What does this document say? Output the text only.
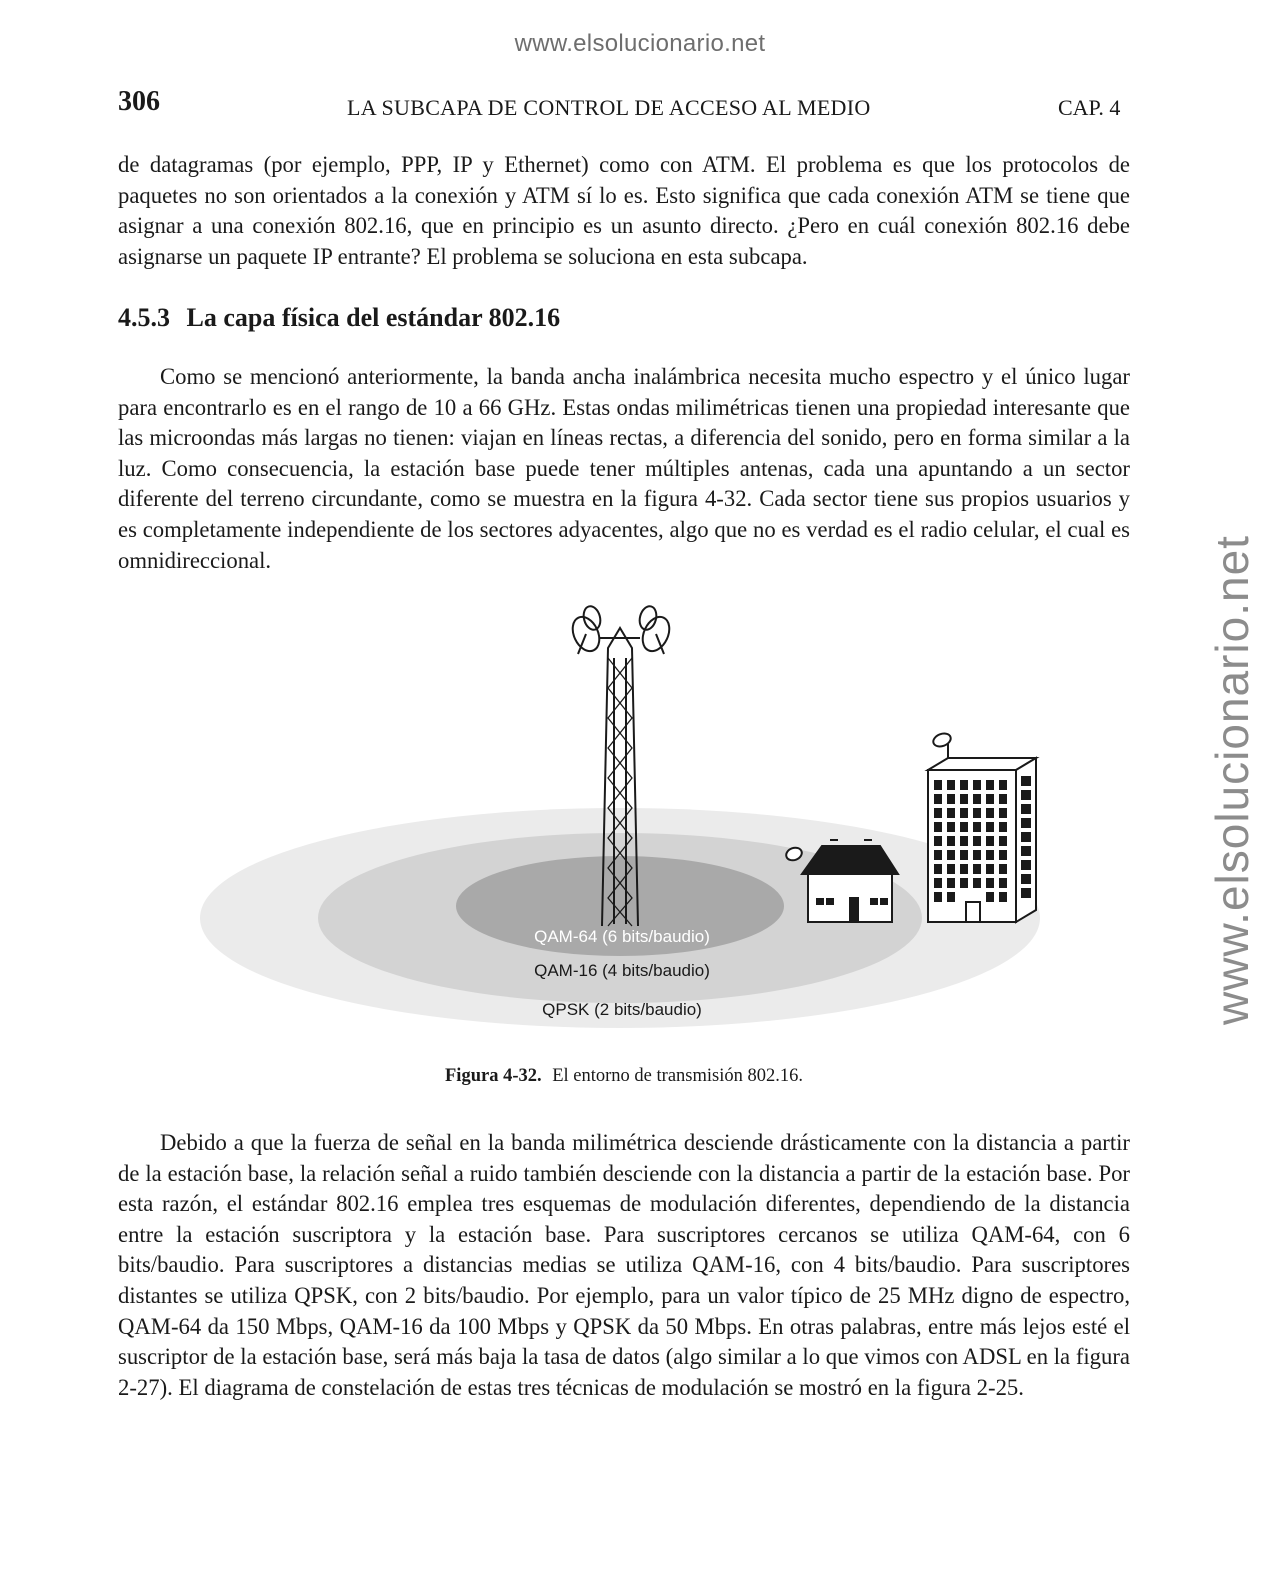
www.elsolucionario.net
www.elsolucionario.net
306	LA SUBCAPA DE CONTROL DE ACCESO AL MEDIO	CAP. 4

de datagramas (por ejemplo, PPP, IP y Ethernet) como con ATM. El problema es que los protocolos de paquetes no son orientados a la conexión y ATM sí lo es. Esto significa que cada conexión ATM se tiene que asignar a una conexión 802.16, que en principio es un asunto directo. ¿Pero en cuál conexión 802.16 debe asignarse un paquete IP entrante? El problema se soluciona en esta subcapa.

4.5.3 La capa física del estándar 802.16

Como se mencionó anteriormente, la banda ancha inalámbrica necesita mucho espectro y el único lugar para encontrarlo es en el rango de 10 a 66 GHz. Estas ondas milimétricas tienen una propiedad interesante que las microondas más largas no tienen: viajan en líneas rectas, a diferencia del sonido, pero en forma similar a la luz. Como consecuencia, la estación base puede tener múltiples antenas, cada una apuntando a un sector diferente del terreno circundante, como se muestra en la figura 4-32. Cada sector tiene sus propios usuarios y es completamente independiente de los sectores adyacentes, algo que no es verdad es el radio celular, el cual es omnidireccional.

QAM-64 (6 bits/baudio)
QAM-16 (4 bits/baudio)
QPSK (2 bits/baudio)
Figura 4-32. El entorno de transmisión 802.16.

Debido a que la fuerza de señal en la banda milimétrica desciende drásticamente con la distancia a partir de la estación base, la relación señal a ruido también desciende con la distancia a partir de la estación base. Por esta razón, el estándar 802.16 emplea tres esquemas de modulación diferentes, dependiendo de la distancia entre la estación suscriptora y la estación base. Para suscriptores cercanos se utiliza QAM-64, con 6 bits/baudio. Para suscriptores a distancias medias se utiliza QAM-16, con 4 bits/baudio. Para suscriptores distantes se utiliza QPSK, con 2 bits/baudio. Por ejemplo, para un valor típico de 25 MHz digno de espectro, QAM-64 da 150 Mbps, QAM-16 da 100 Mbps y QPSK da 50 Mbps. En otras palabras, entre más lejos esté el suscriptor de la estación base, será más baja la tasa de datos (algo similar a lo que vimos con ADSL en la figura 2-27). El diagrama de constelación de estas tres técnicas de modulación se mostró en la figura 2-25.
